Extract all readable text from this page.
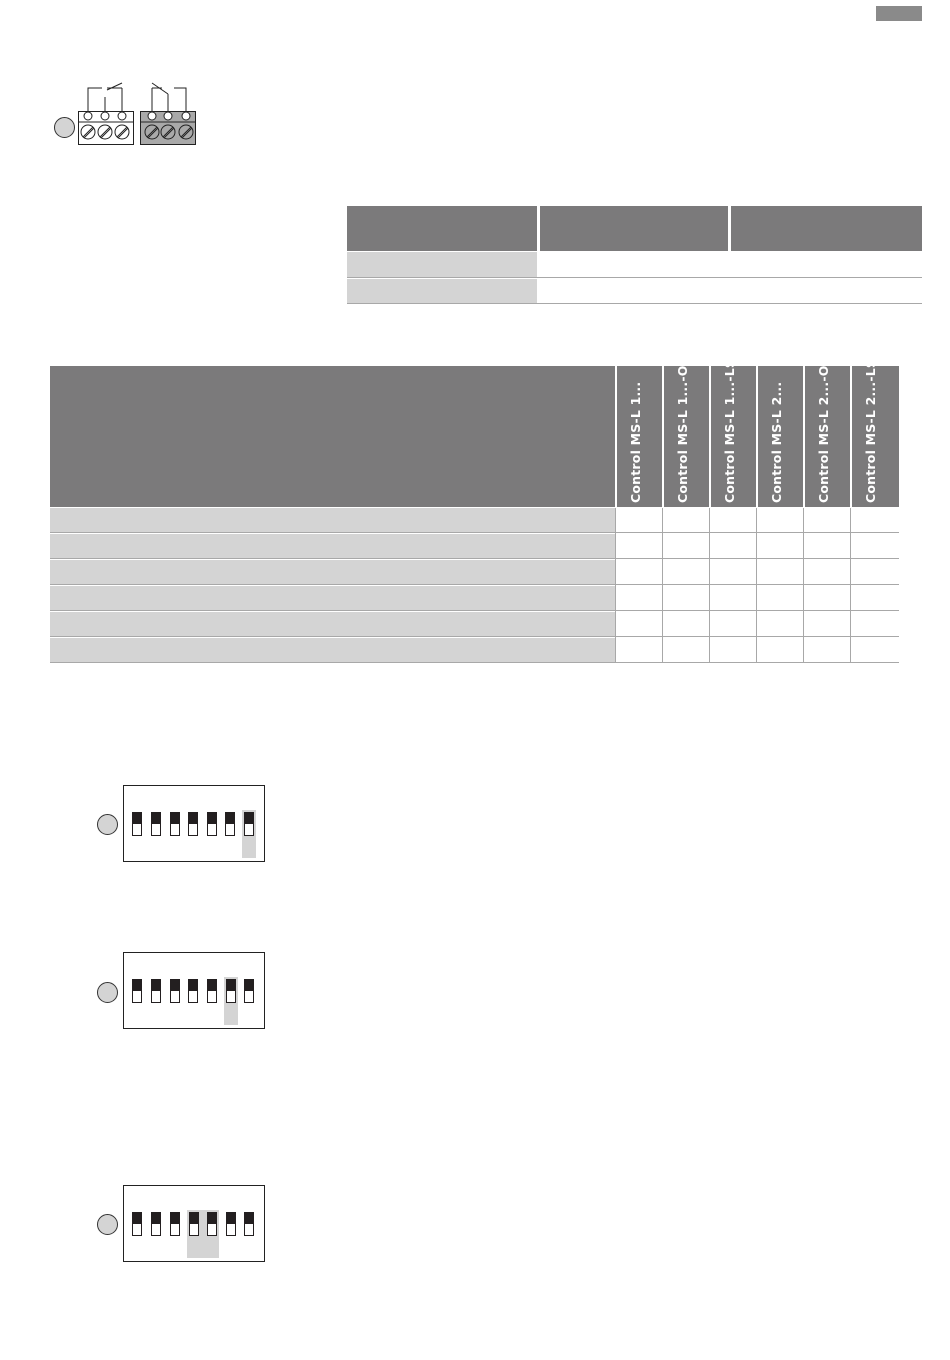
Control MS-L 1...	Control MS-L 1...-O	Control MS-L 1...-LS	Control MS-L 2...	Control MS-L 2...-O	Control MS-L 2...-LS
